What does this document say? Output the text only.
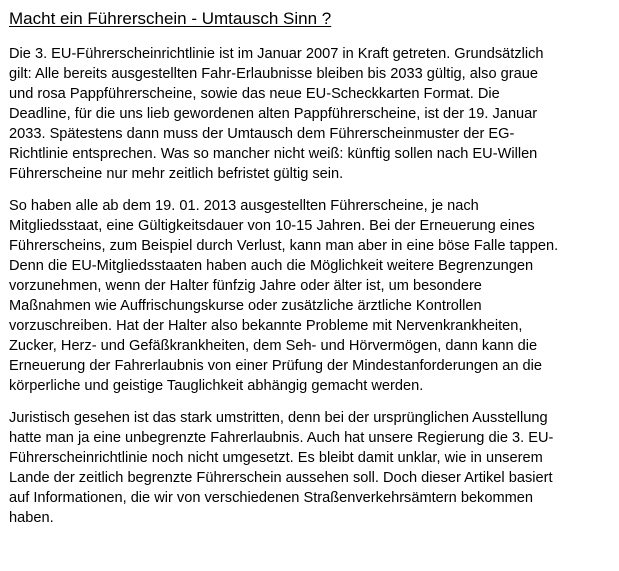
Macht ein Führerschein - Umtausch Sinn ?

Die 3. EU-Führerscheinrichtlinie ist im Januar 2007 in Kraft getreten. Grundsätzlich
gilt: Alle bereits ausgestellten Fahr-Erlaubnisse bleiben bis 2033 gültig, also graue
und rosa Pappführerscheine, sowie das neue EU-Scheckkarten Format. Die
Deadline, für die uns lieb gewordenen alten Pappführerscheine, ist der 19. Januar
2033. Spätestens dann muss der Umtausch dem Führerscheinmuster der EG-
Richtlinie entsprechen. Was so mancher nicht weiß: künftig sollen nach EU-Willen
Führerscheine nur mehr zeitlich befristet gültig sein.

So haben alle ab dem 19. 01. 2013 ausgestellten Führerscheine, je nach
Mitgliedsstaat, eine Gültigkeitsdauer von 10-15 Jahren. Bei der Erneuerung eines
Führerscheins, zum Beispiel durch Verlust, kann man aber in eine böse Falle tappen.
Denn die EU-Mitgliedsstaaten haben auch die Möglichkeit weitere Begrenzungen
vorzunehmen, wenn der Halter fünfzig Jahre oder älter ist, um besondere
Maßnahmen wie Auffrischungskurse oder zusätzliche ärztliche Kontrollen
vorzuschreiben. Hat der Halter also bekannte Probleme mit Nervenkrankheiten,
Zucker, Herz- und Gefäßkrankheiten, dem Seh- und Hörvermögen, dann kann die
Erneuerung der Fahrerlaubnis von einer Prüfung der Mindestanforderungen an die
körperliche und geistige Tauglichkeit abhängig gemacht werden.

Juristisch gesehen ist das stark umstritten, denn bei der ursprünglichen Ausstellung
hatte man ja eine unbegrenzte Fahrerlaubnis. Auch hat unsere Regierung die 3. EU-
Führerscheinrichtlinie noch nicht umgesetzt. Es bleibt damit unklar, wie in unserem
Lande der zeitlich begrenzte Führerschein aussehen soll. Doch dieser Artikel basiert
auf Informationen, die wir von verschiedenen Straßenverkehrsämtern bekommen
haben.
